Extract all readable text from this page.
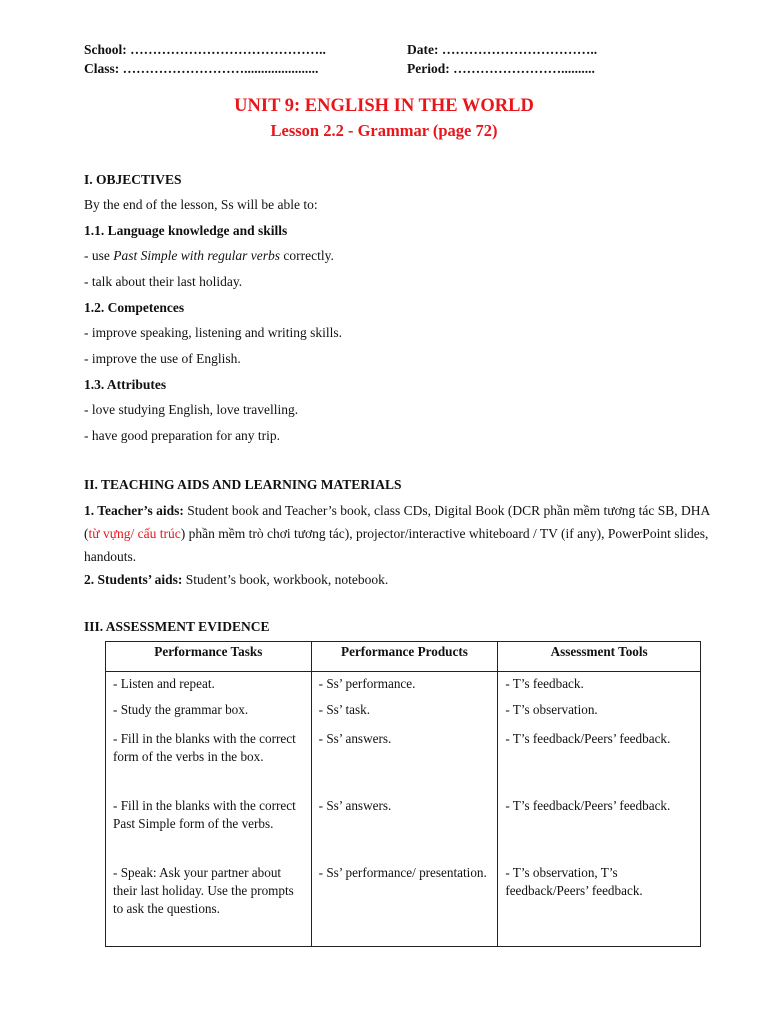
School: ……………………………………..
Class: ………………………......................
Date: ……………………………..
Period: ……………………..........
UNIT 9: ENGLISH IN THE WORLD
Lesson 2.2 - Grammar (page 72)
I. OBJECTIVES
By the end of the lesson, Ss will be able to:
1.1. Language knowledge and skills
- use Past Simple with regular verbs correctly.
- talk about their last holiday.
1.2. Competences
- improve speaking, listening and writing skills.
- improve the use of English.
1.3. Attributes
- love studying English, love travelling.
- have good preparation for any trip.
II. TEACHING AIDS AND LEARNING MATERIALS
1. Teacher’s aids: Student book and Teacher’s book, class CDs, Digital Book (DCR phần mềm tương tác SB, DHA (từ vựng/ cấu trúc) phần mềm trò chơi tương tác), projector/interactive whiteboard / TV (if any), PowerPoint slides, handouts.
2. Students’ aids: Student’s book, workbook, notebook.
III. ASSESSMENT EVIDENCE
Performance Tasks	Performance Products	Assessment Tools
- Listen and repeat.	- Ss’ performance.	- T’s feedback.
- Study the grammar box.	- Ss’ task.	- T’s observation.
- Fill in the blanks with the correct form of the verbs in the box.	- Ss’ answers.	- T’s feedback/Peers’ feedback.
- Fill in the blanks with the correct Past Simple form of the verbs.	- Ss’ answers.	- T’s feedback/Peers’ feedback.
- Speak: Ask your partner about their last holiday. Use the prompts to ask the questions.	- Ss’ performance/ presentation.	- T’s observation, T’s feedback/Peers’ feedback.
